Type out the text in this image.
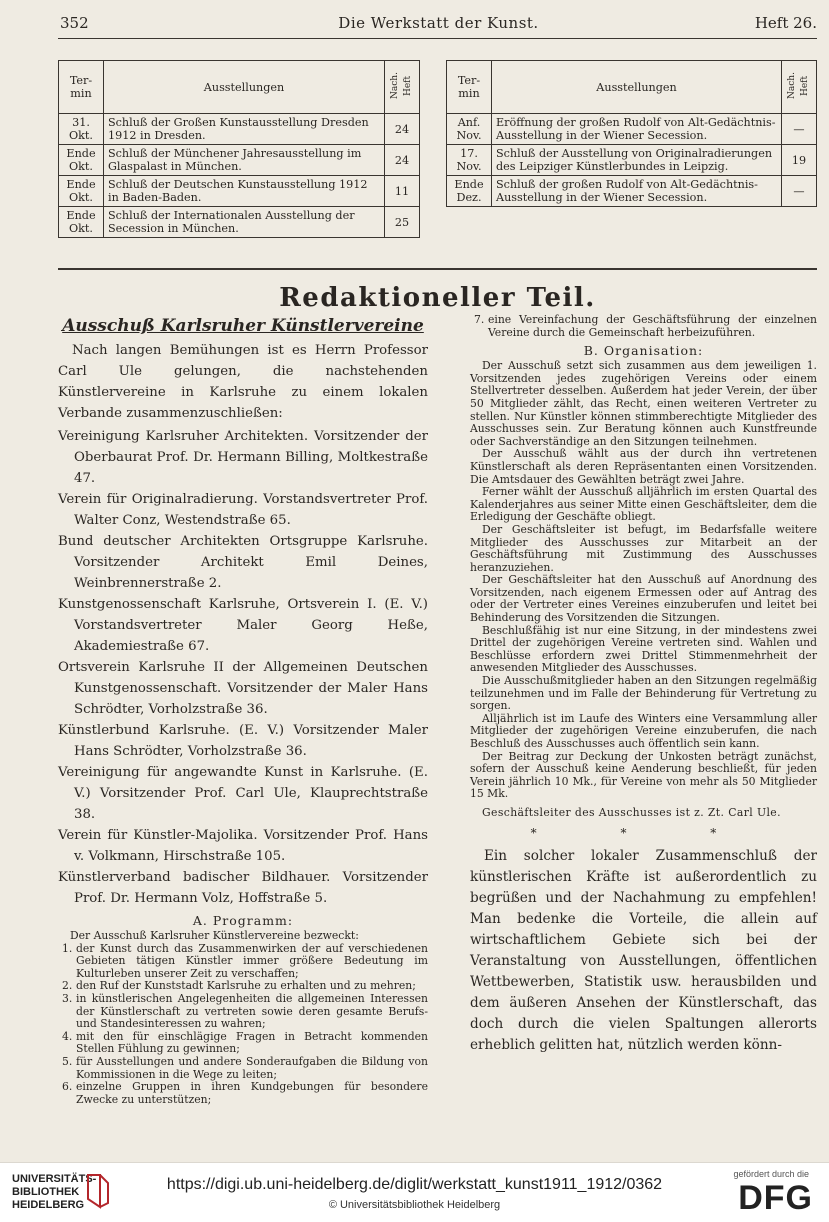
352	Die Werkstatt der Kunst.	Heft 26.
Ter-min	Ausstellungen	Nach. Heft
31. Okt.	Schluß der Großen Kunstausstellung Dresden 1912 in Dresden.	24
Ende Okt.	Schluß der Münchener Jahresausstellung im Glaspalast in München.	24
Ende Okt.	Schluß der Deutschen Kunstausstellung 1912 in Baden-Baden.	11
Ende Okt.	Schluß der Internationalen Ausstellung der Secession in München.	25
Ter-min	Ausstellungen	Nach. Heft
Anf. Nov.	Eröffnung der großen Rudolf von Alt-Gedächtnis-Ausstellung in der Wiener Secession.	—
17. Nov.	Schluß der Ausstellung von Originalradierungen des Leipziger Künstlerbundes in Leipzig.	19
Ende Dez.	Schluß der großen Rudolf von Alt-Gedächtnis-Ausstellung in der Wiener Secession.	—
Redaktioneller Teil.
Ausschuß Karlsruher Künstlervereine

Nach langen Bemühungen ist es Herrn Professor Carl Ule gelungen, die nachstehenden Künstlervereine in Karlsruhe zu einem lokalen Verbande zusammenzuschließen:

Vereinigung Karlsruher Architekten. Vorsitzender der Oberbaurat Prof. Dr. Hermann Billing, Moltkestraße 47.

Verein für Originalradierung. Vorstandsvertreter Prof. Walter Conz, Westendstraße 65.

Bund deutscher Architekten Ortsgruppe Karlsruhe. Vorsitzender Architekt Emil Deines, Weinbrennerstraße 2.

Kunstgenossenschaft Karlsruhe, Ortsverein I. (E. V.) Vorstandsvertreter Maler Georg Heße, Akademiestraße 67.

Ortsverein Karlsruhe II der Allgemeinen Deutschen Kunstgenossenschaft. Vorsitzender der Maler Hans Schrödter, Vorholzstraße 36.

Künstlerbund Karlsruhe. (E. V.) Vorsitzender Maler Hans Schrödter, Vorholzstraße 36.

Vereinigung für angewandte Kunst in Karlsruhe. (E. V.) Vorsitzender Prof. Carl Ule, Klauprechtstraße 38.

Verein für Künstler-Majolika. Vorsitzender Prof. Hans v. Volkmann, Hirschstraße 105.

Künstlerverband badischer Bildhauer. Vorsitzender Prof. Dr. Hermann Volz, Hoffstraße 5.

A. Programm:
Der Ausschuß Karlsruher Künstlervereine bezweckt:
1. der Kunst durch das Zusammenwirken der auf verschiedenen Gebieten tätigen Künstler immer größere Bedeutung im Kulturleben unserer Zeit zu verschaffen;
2. den Ruf der Kunststadt Karlsruhe zu erhalten und zu mehren;
3. in künstlerischen Angelegenheiten die allgemeinen Interessen der Künstlerschaft zu vertreten sowie deren gesamte Berufs- und Standesinteressen zu wahren;
4. mit den für einschlägige Fragen in Betracht kommenden Stellen Fühlung zu gewinnen;
5. für Ausstellungen und andere Sonderaufgaben die Bildung von Kommissionen in die Wege zu leiten;
6. einzelne Gruppen in ihren Kundgebungen für besondere Zwecke zu unterstützen;
7. eine Vereinfachung der Geschäftsführung der einzelnen Vereine durch die Gemeinschaft herbeizuführen.
B. Organisation:

Der Ausschuß setzt sich zusammen aus dem jeweiligen 1. Vorsitzenden jedes zugehörigen Vereins oder einem Stellvertreter desselben. Außerdem hat jeder Verein, der über 50 Mitglieder zählt, das Recht, einen weiteren Vertreter zu stellen. Nur Künstler können stimmberechtigte Mitglieder des Ausschusses sein. Zur Beratung können auch Kunstfreunde oder Sachverständige an den Sitzungen teilnehmen.

Der Ausschuß wählt aus der durch ihn vertretenen Künstlerschaft als deren Repräsentanten einen Vorsitzenden. Die Amtsdauer des Gewählten beträgt zwei Jahre.

Ferner wählt der Ausschuß alljährlich im ersten Quartal des Kalenderjahres aus seiner Mitte einen Geschäftsleiter, dem die Erledigung der Geschäfte obliegt.

Der Geschäftsleiter ist befugt, im Bedarfsfalle weitere Mitglieder des Ausschusses zur Mitarbeit an der Geschäftsführung mit Zustimmung des Ausschusses heranzuziehen.

Der Geschäftsleiter hat den Ausschuß auf Anordnung des Vorsitzenden, nach eigenem Ermessen oder auf Antrag des oder der Vertreter eines Vereines einzuberufen und leitet bei Behinderung des Vorsitzenden die Sitzungen.

Beschlußfähig ist nur eine Sitzung, in der mindestens zwei Drittel der zugehörigen Vereine vertreten sind. Wahlen und Beschlüsse erfordern zwei Drittel Stimmenmehrheit der anwesenden Mitglieder des Ausschusses.

Die Ausschußmitglieder haben an den Sitzungen regelmäßig teilzunehmen und im Falle der Behinderung für Vertretung zu sorgen.

Alljährlich ist im Laufe des Winters eine Versammlung aller Mitglieder der zugehörigen Vereine einzuberufen, die nach Beschluß des Ausschusses auch öffentlich sein kann.

Der Beitrag zur Deckung der Unkosten beträgt zunächst, sofern der Ausschuß keine Aenderung beschließt, für jeden Verein jährlich 10 Mk., für Vereine von mehr als 50 Mitglieder 15 Mk.

Geschäftsleiter des Ausschusses ist z. Zt. Carl Ule.
* * *

Ein solcher lokaler Zusammenschluß der künstlerischen Kräfte ist außerordentlich zu begrüßen und der Nachahmung zu empfehlen! Man bedenke die Vorteile, die allein auf wirtschaftlichem Gebiete sich bei der Veranstaltung von Ausstellungen, öffentlichen Wettbewerben, Statistik usw. herausbilden und dem äußeren Ansehen der Künstlerschaft, das doch durch die vielen Spaltungen allerorts erheblich gelitten hat, nützlich werden könn-

UNIVERSITÄTS-
BIBLIOTHEK
HEIDELBERG
https://digi.ub.uni-heidelberg.de/diglit/werkstatt_kunst1911_1912/0362
© Universitätsbibliothek Heidelberg
gefördert durch die
DFG
